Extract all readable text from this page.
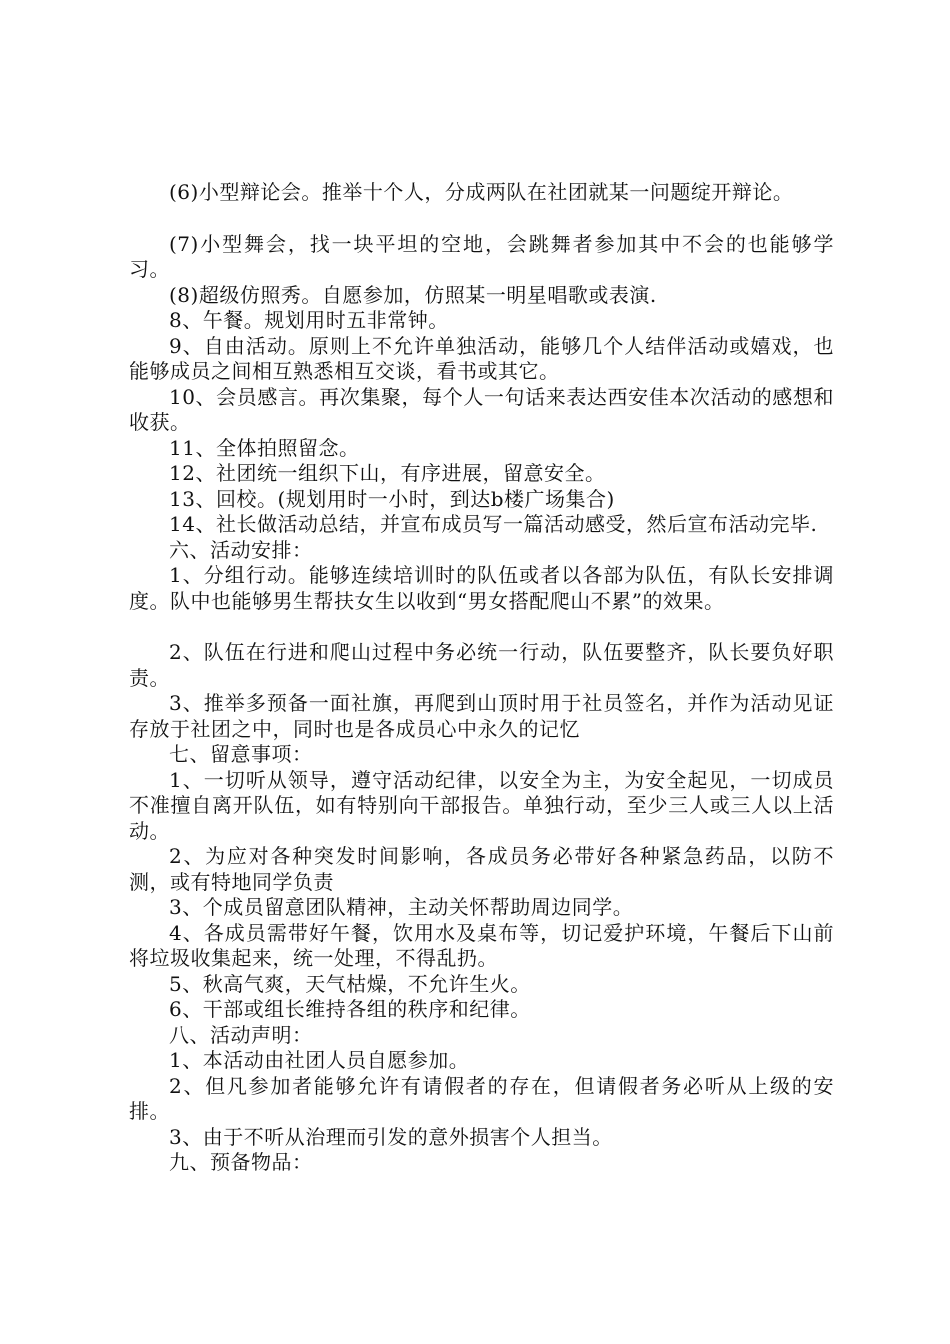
(6)小型辩论会。推举十个人，分成两队在社团就某一问题绽开辩论。

(7)小型舞会，找一块平坦的空地，会跳舞者参加其中不会的也能够学习。

(8)超级仿照秀。自愿参加，仿照某一明星唱歌或表演.

8、午餐。规划用时五非常钟。

9、自由活动。原则上不允许单独活动，能够几个人结伴活动或嬉戏，也能够成员之间相互熟悉相互交谈，看书或其它。

10、会员感言。再次集聚，每个人一句话来表达西安佳本次活动的感想和收获。

11、全体拍照留念。

12、社团统一组织下山，有序进展，留意安全。

13、回校。(规划用时一小时，到达b楼广场集合)

14、社长做活动总结，并宣布成员写一篇活动感受，然后宣布活动完毕.

六、活动安排：

1、分组行动。能够连续培训时的队伍或者以各部为队伍，有队长安排调度。队中也能够男生帮扶女生以收到“男女搭配爬山不累”的效果。

2、队伍在行进和爬山过程中务必统一行动，队伍要整齐，队长要负好职责。

3、推举多预备一面社旗，再爬到山顶时用于社员签名，并作为活动见证存放于社团之中，同时也是各成员心中永久的记忆

七、留意事项：

1、一切听从领导，遵守活动纪律，以安全为主，为安全起见，一切成员不准擅自离开队伍，如有特别向干部报告。单独行动，至少三人或三人以上活动。

2、为应对各种突发时间影响，各成员务必带好各种紧急药品，以防不测，或有特地同学负责

3、个成员留意团队精神，主动关怀帮助周边同学。

4、各成员需带好午餐，饮用水及桌布等，切记爱护环境，午餐后下山前将垃圾收集起来，统一处理，不得乱扔。

5、秋高气爽，天气枯燥，不允许生火。

6、干部或组长维持各组的秩序和纪律。

八、活动声明：

1、本活动由社团人员自愿参加。

2、但凡参加者能够允许有请假者的存在，但请假者务必听从上级的安排。

3、由于不听从治理而引发的意外损害个人担当。

九、预备物品：
